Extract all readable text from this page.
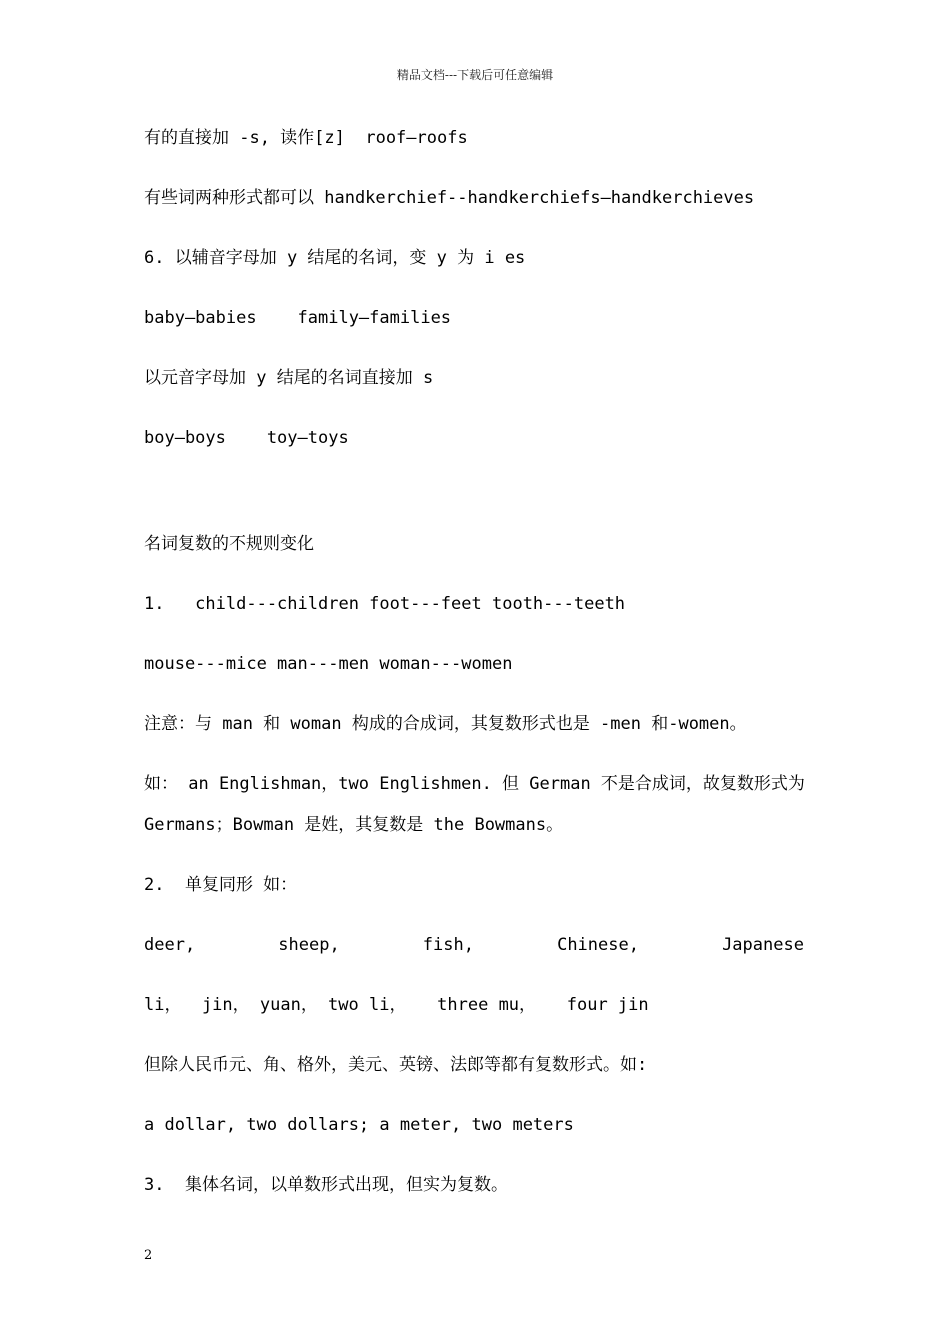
精品文档---下载后可任意编辑
有的直接加 -s, 读作[z]  roof—roofs
有些词两种形式都可以 handkerchief--handkerchiefs—handkerchieves
6. 以辅音字母加 y 结尾的名词，变 y 为 i es
baby—babies    family—families
以元音字母加 y 结尾的名词直接加 s
boy—boys    toy—toys
名词复数的不规则变化
1.   child---children foot---feet tooth---teeth
mouse---mice man---men woman---women
注意：与 man 和 woman 构成的合成词，其复数形式也是 -men 和-women。
如： an Englishman，two Englishmen. 但 German 不是合成词，故复数形式为
Germans；Bowman 是姓，其复数是 the Bowmans。
2.  单复同形 如：
deer,	sheep,	fish,	Chinese,	Japanese
li，  jin， yuan， two li，   three mu，   four jin
但除人民币元、角、格外，美元、英镑、法郎等都有复数形式。如:
a dollar, two dollars; a meter, two meters
3.  集体名词，以单数形式出现，但实为复数。
2
